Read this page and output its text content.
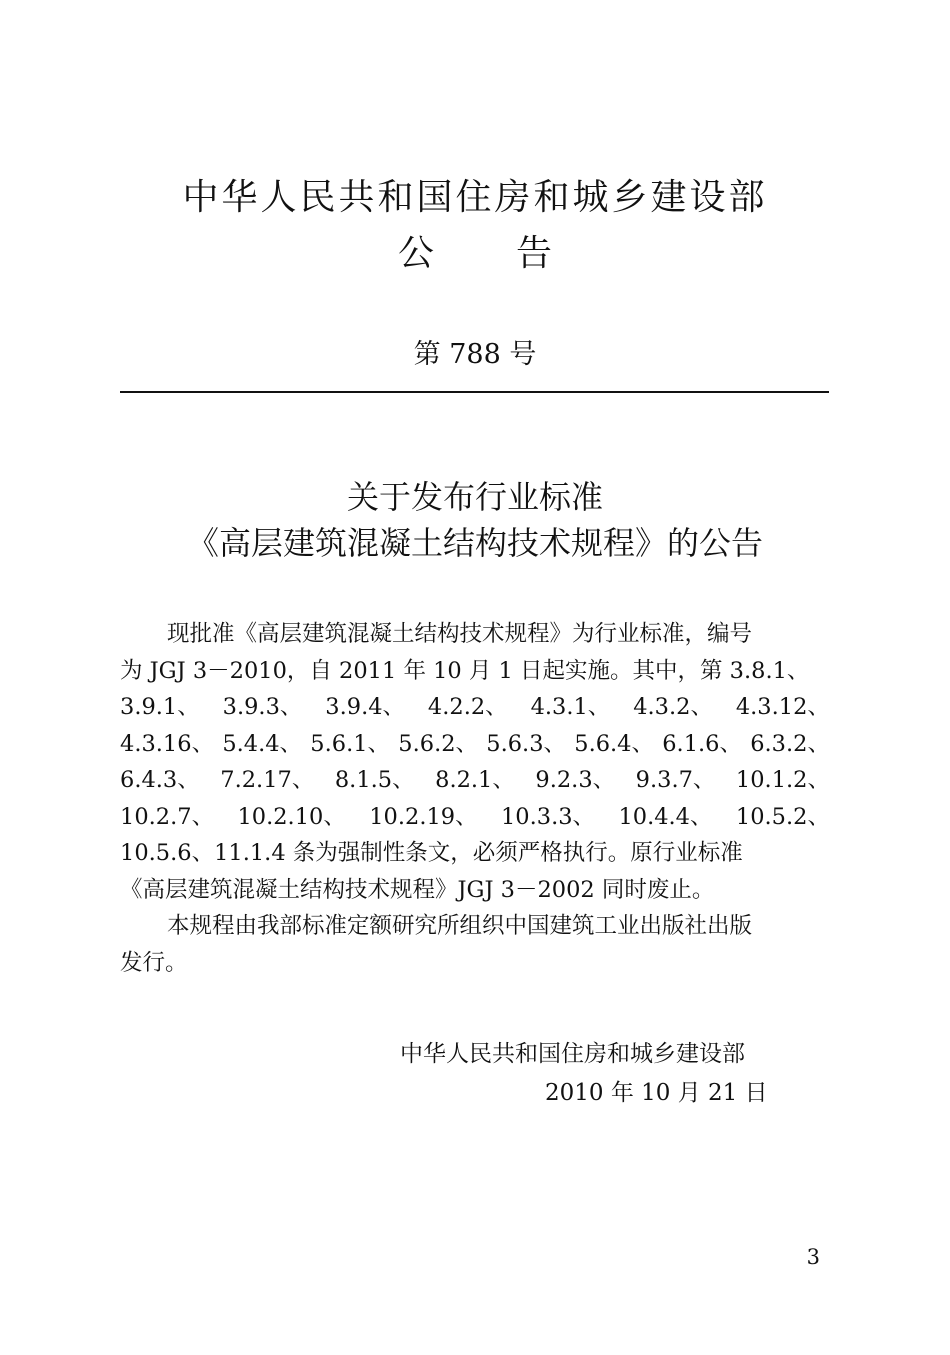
中华人民共和国住房和城乡建设部
公 告
第 788 号
关于发布行业标准
《高层建筑混凝土结构技术规程》的公告
现批准《高层建筑混凝土结构技术规程》为行业标准，编号
为 JGJ 3－2010，自 2011 年 10 月 1 日起实施。其中，第 3.8.1、
3.9.1、 3.9.3、 3.9.4、 4.2.2、 4.3.1、 4.3.2、 4.3.12、
4.3.16、 5.4.4、 5.6.1、 5.6.2、 5.6.3、 5.6.4、 6.1.6、 6.3.2、
6.4.3、 7.2.17、 8.1.5、 8.2.1、 9.2.3、 9.3.7、 10.1.2、
10.2.7、 10.2.10、 10.2.19、 10.3.3、 10.4.4、 10.5.2、
10.5.6、11.1.4 条为强制性条文，必须严格执行。原行业标准
《高层建筑混凝土结构技术规程》JGJ 3－2002 同时废止。
本规程由我部标准定额研究所组织中国建筑工业出版社出版
发行。
中华人民共和国住房和城乡建设部
2010 年 10 月 21 日
3
